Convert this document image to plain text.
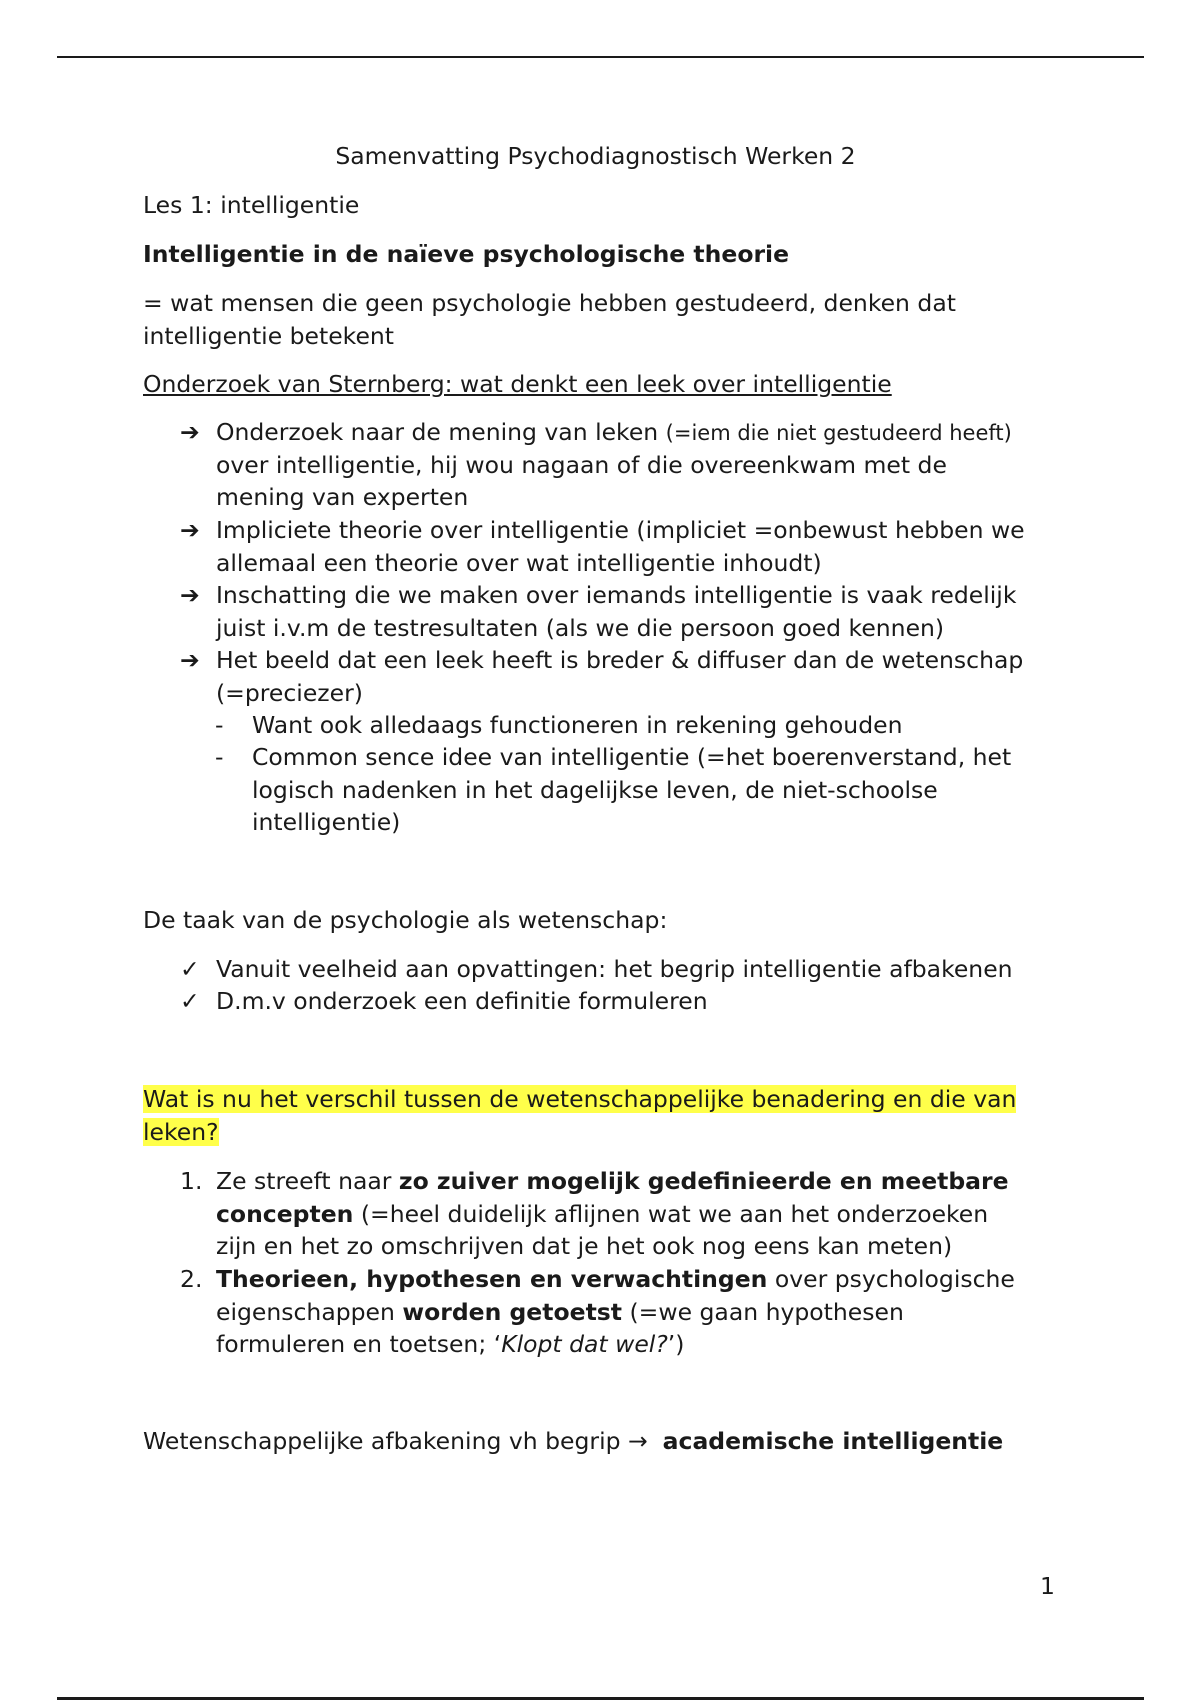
Samenvatting Psychodiagnostisch Werken 2
Les 1: intelligentie
Intelligentie in de naïeve psychologische theorie
= wat mensen die geen psychologie hebben gestudeerd, denken dat
intelligentie betekent
Onderzoek van Sternberg: wat denkt een leek over intelligentie
➔ Onderzoek naar de mening van leken (=iem die niet gestudeerd heeft)
over intelligentie, hij wou nagaan of die overeenkwam met de
mening van experten
➔ Impliciete theorie over intelligentie (impliciet =onbewust hebben we
allemaal een theorie over wat intelligentie inhoudt)
➔ Inschatting die we maken over iemands intelligentie is vaak redelijk
juist i.v.m de testresultaten (als we die persoon goed kennen)
➔ Het beeld dat een leek heeft is breder & diffuser dan de wetenschap
(=preciezer)
- Want ook alledaags functioneren in rekening gehouden
- Common sence idee van intelligentie (=het boerenverstand, het
logisch nadenken in het dagelijkse leven, de niet-schoolse
intelligentie)
De taak van de psychologie als wetenschap:
✓ Vanuit veelheid aan opvattingen: het begrip intelligentie afbakenen
✓ D.m.v onderzoek een definitie formuleren
Wat is nu het verschil tussen de wetenschappelijke benadering en die van
leken?
1. Ze streeft naar zo zuiver mogelijk gedefinieerde en meetbare
concepten (=heel duidelijk aflijnen wat we aan het onderzoeken
zijn en het zo omschrijven dat je het ook nog eens kan meten)
2. Theorieen, hypothesen en verwachtingen over psychologische
eigenschappen worden getoetst (=we gaan hypothesen
formuleren en toetsen; ‘Klopt dat wel?’)
Wetenschappelijke afbakening vh begrip → academische intelligentie
1
